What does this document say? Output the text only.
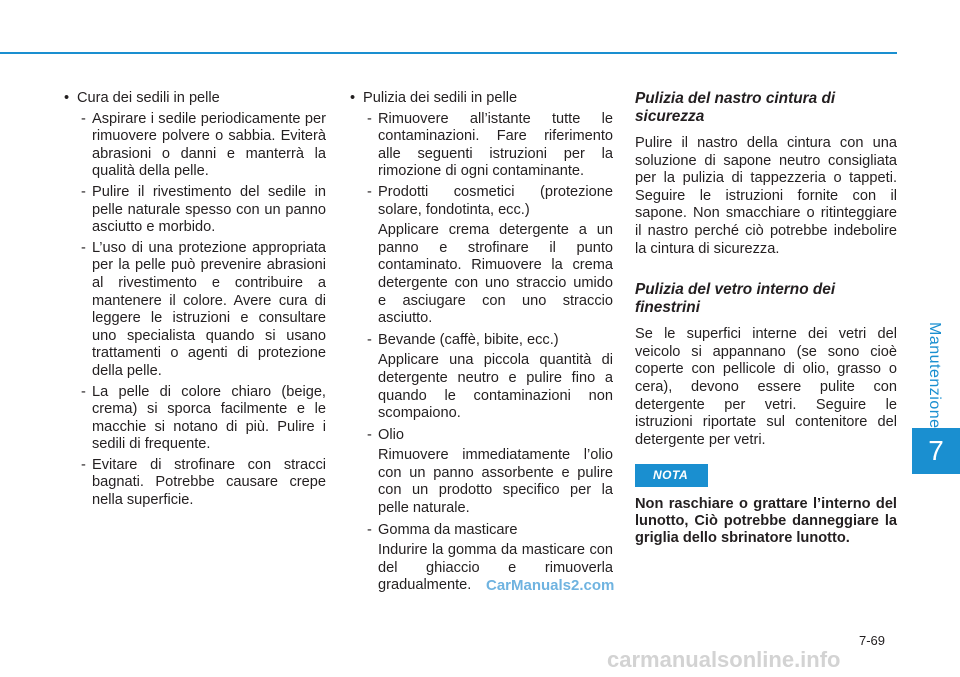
Manutenzione
7
• Cura dei sedili in pelle
- Aspirare i sedile periodicamente per rimuovere polvere o sabbia. Eviterà abrasioni o danni e manterrà la qualità della pelle.
- Pulire il rivestimento del sedile in pelle naturale spesso con un panno asciutto e morbido.
- L’uso di una protezione appropriata per la pelle può prevenire abrasioni al rivestimento e contribuire a mantenere il colore. Avere cura di leggere le istruzioni e consultare uno specialista quando si usano trattamenti o agenti di protezione della pelle.
- La pelle di colore chiaro (beige, crema) si sporca facilmente e le macchie si notano di più. Pulire i sedili di frequente.
- Evitare di strofinare con stracci bagnati. Potrebbe causare crepe nella superficie.
• Pulizia dei sedili in pelle
- Rimuovere all’istante tutte le contaminazioni. Fare riferimento alle seguenti istruzioni per la rimozione di ogni contaminante.
- Prodotti cosmetici (protezione solare, fondotinta, ecc.)
Applicare crema detergente a un panno e strofinare il punto contaminato. Rimuovere la crema detergente con uno straccio umido e asciugare con uno straccio asciutto.
- Bevande (caffè, bibite, ecc.)
Applicare una piccola quantità di detergente neutro e pulire fino a quando le contaminazioni non scompaiono.
- Olio
Rimuovere immediatamente l’olio con un panno assorbente e pulire con un prodotto specifico per la pelle naturale.
- Gomma da masticare
Indurire la gomma da masticare con del ghiaccio e rimuoverla gradualmente.
Pulizia del nastro cintura di sicurezza
Pulire il nastro della cintura con una soluzione di sapone neutro consigliata per la pulizia di tappezzeria o tappeti. Seguire le istruzioni fornite con il sapone. Non smacchiare o ritinteggiare il nastro perché ciò potrebbe indebolire la cintura di sicurezza.
Pulizia del vetro interno dei finestrini
Se le superfici interne dei vetri del veicolo si appannano (se sono cioè coperte con pellicole di olio, grasso o cera), devono essere pulite con detergente per vetri. Seguire le istruzioni riportate sul contenitore del detergente per vetri.
NOTA
Non raschiare o grattare l’interno del lunotto, Ciò potrebbe danneggiare la griglia dello sbrinatore lunotto.
CarManuals2.com
7-69
carmanualsonline.info
